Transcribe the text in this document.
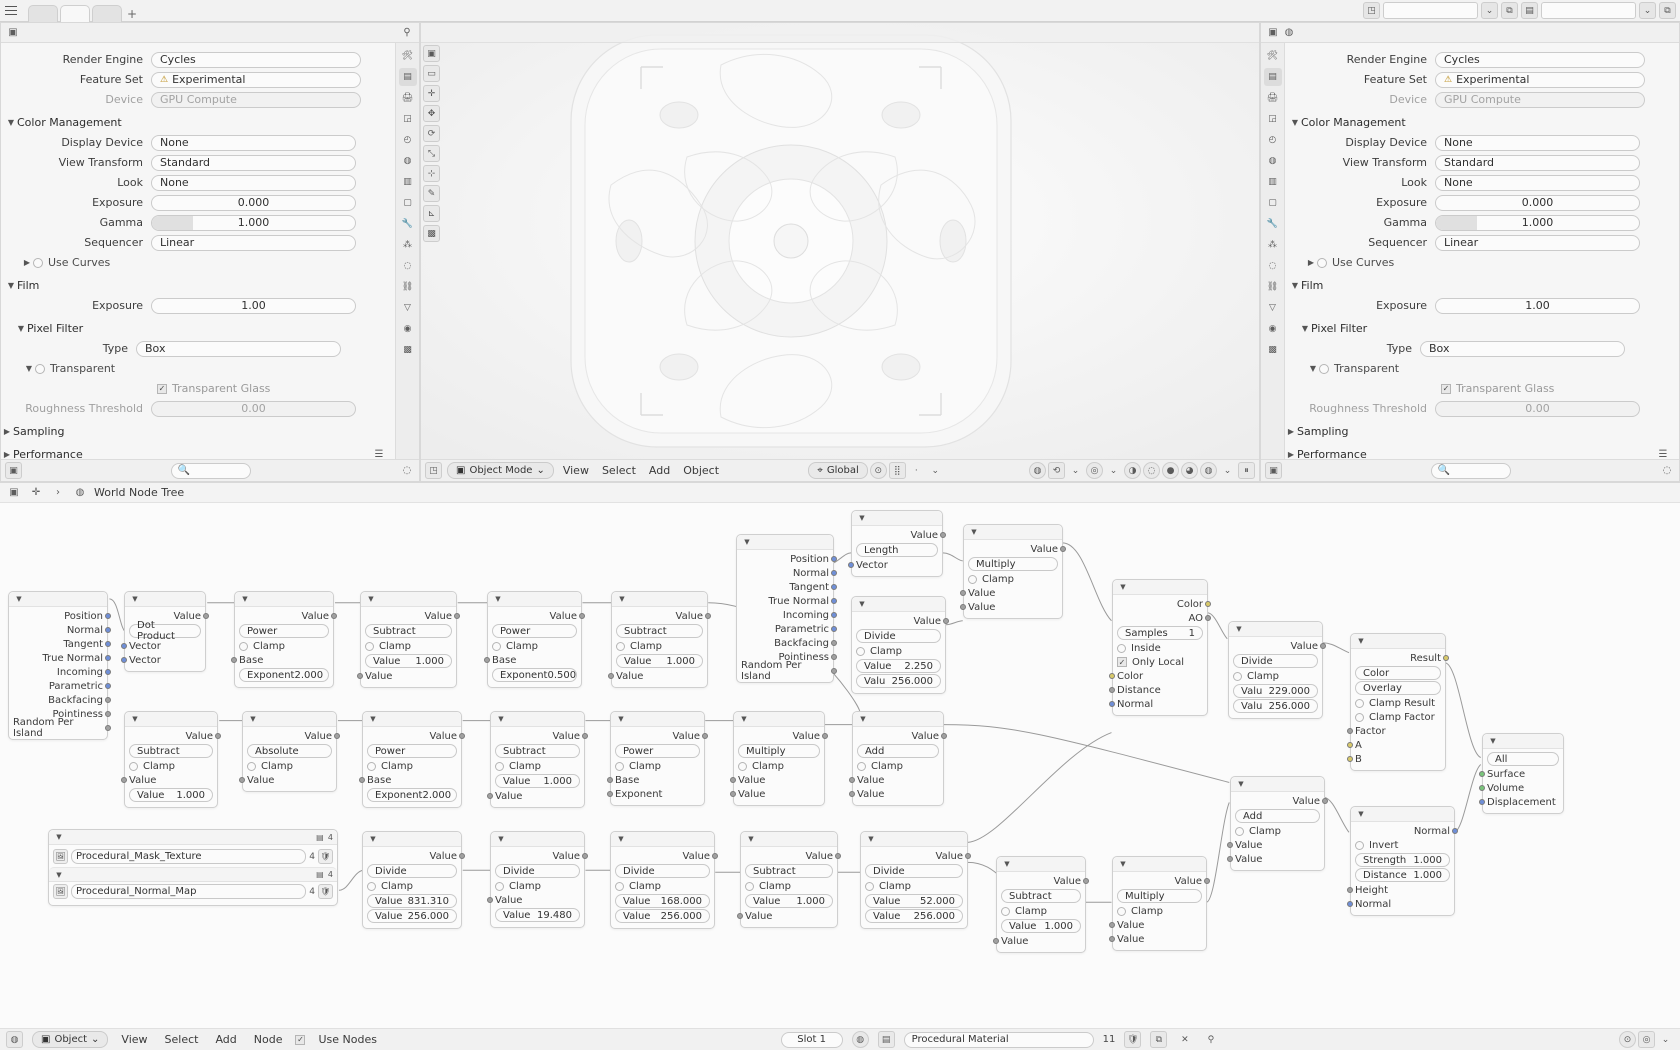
+	◳	⌄	⧉	▤	⌄	⧉
▣	⚲
🛠
▤
🖨
◲
◴
◍
▥
▢
🔧
⁂
◌
⛓
▽
◉
▩
Render Engine	Cycles
Feature Set	⚠ Experimental
Device	GPU Compute
▼ Color Management
Display Device	None
View Transform	Standard
Look	None
Exposure	0.000
Gamma	1.000
Sequencer	Linear
▶ Use Curves
▼ Film
Exposure	1.00
▼ Pixel Filter
Type	Box
▼ Transparent
✓ Transparent Glass
Roughness Threshold	0.00
▶ Sampling
▶ Performance	☰
▣	🔍	◌
▣
▭
✛
✥
⟳
⤡
⊹
✎
⊾
▩
◳	▣ Object Mode ⌄	View	Select	Add	Object	⌖ Global	⊙	⣿	·	⌄	◍	⟲	⌄	◎	⌄	◑	◌	●	◕	◍	⌄	⏸
▣ ◍
🛠
▤
🖨
◲
◴
◍
▥
▢
🔧
⁂
◌
⛓
▽
◉
▩
Render Engine	Cycles
Feature Set	⚠ Experimental
Device	GPU Compute
▼ Color Management
Display Device	None
View Transform	Standard
Look	None
Exposure	0.000
Gamma	1.000
Sequencer	Linear
▶ Use Curves
▼ Film
Exposure	1.00
▼ Pixel Filter
Type	Box
▼ Transparent
✓ Transparent Glass
Roughness Threshold	0.00
▶ Sampling
▶ Performance	☰
▣	🔍	◌
▣	✛	›	◍ World Node Tree
▼
Position
Normal
Tangent
True Normal
Incoming
Parametric
Backfacing
Pointiness
Random Per Island
▼
Value
Dot Product
Vector
Vector
▼
Value
Power
Clamp
Base
Exponent 2.000
▼
Value
Subtract
Clamp
Value 1.000
Value
▼
Value
Power
Clamp
Base
Exponent 0.500
▼
Value
Subtract
Clamp
Value 1.000
Value
▼
Position
Normal
Tangent
True Normal
Incoming
Parametric
Backfacing
Pointiness
Random Per Island
▼
Value
Length
Vector
▼
Value
Divide
Clamp
Value 2.250
Valu 256.000
▼
Value
Multiply
Clamp
Value
Value
▼
Color
AO
Samples 1
Inside
✓ Only Local
Color
Distance
Normal
▼
Value
Divide
Clamp
Valu 229.000
Valu 256.000
▼
Result
Color
Overlay
Clamp Result
Clamp Factor
Factor
A
B
▼
All
Surface
Volume
Displacement
▼
Value
Subtract
Clamp
Value
Value 1.000
▼
Value
Absolute
Clamp
Value
▼
Value
Power
Clamp
Base
Exponent 2.000
▼
Value
Subtract
Clamp
Value 1.000
Value
▼
Value
Power
Clamp
Base
Exponent
▼
Value
Multiply
Clamp
Value
Value
▼
Value
Add
Clamp
Value
Value
▼
Value
Add
Clamp
Value
Value
▼
Normal
Invert
Strength 1.000
Distance 1.000
Height
Normal
▼	▤ 4
🖼 Procedural_Mask_Texture	4 🛡
▼	▤ 4
🖼 Procedural_Normal_Map	4 🛡
▼
Value
Divide
Clamp
Value 831.310
Value 256.000
▼
Value
Divide
Clamp
Value
Value 19.480
▼
Value
Divide
Clamp
Value 168.000
Value 256.000
▼
Value
Subtract
Clamp
Value 1.000
Value
▼
Value
Divide
Clamp
Value 52.000
Value 256.000
▼
Value
Subtract
Clamp
Value 1.000
Value
▼
Value
Multiply
Clamp
Value
Value
◍	▣ Object ⌄	View	Select	Add	Node	✓	Use Nodes	Slot 1	◍	▤	Procedural Material	11	🛡	⧉	✕	⚲	⊙	◎	⌄
